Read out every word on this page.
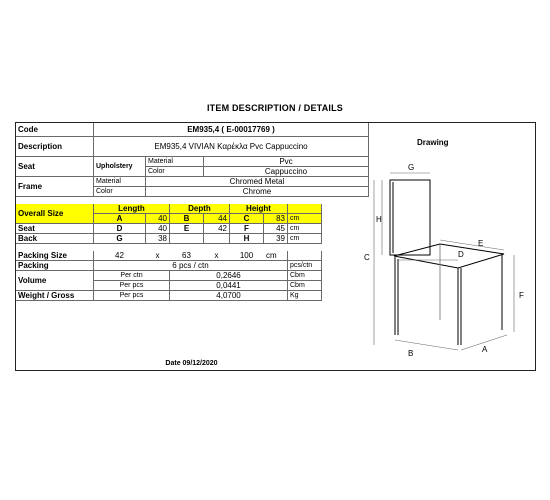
ITEM DESCRIPTION / DETAILS
Code	EM935,4 ( E-00017769 )							
Description	EM935,4 VIVIAN Καρέκλα Pvc Cappuccino							
Seat	Upholstery	Material		Pvc				
		Color		Cappuccino				
Frame	Material	Chromed Metal						
	Color	Chrome						

Overall Size	Length		Depth		Height			
	A	40	B	44	C	83	cm	
Seat	D	40	E	42	F	45	cm	
Back	G	38			H	39	cm	

Packing Size	42	x	63	x	100	cm		
Packing	6 pcs / ctn						pcs/ctn	
Volume	Per ctn		0,2646				Cbm	
	Per pcs		0,0441				Cbm	
Weight / Gross	Per pcs		4,0700				Kg	
Drawing
Date 09/12/2020
G
H
C
E
D
F
B	A
